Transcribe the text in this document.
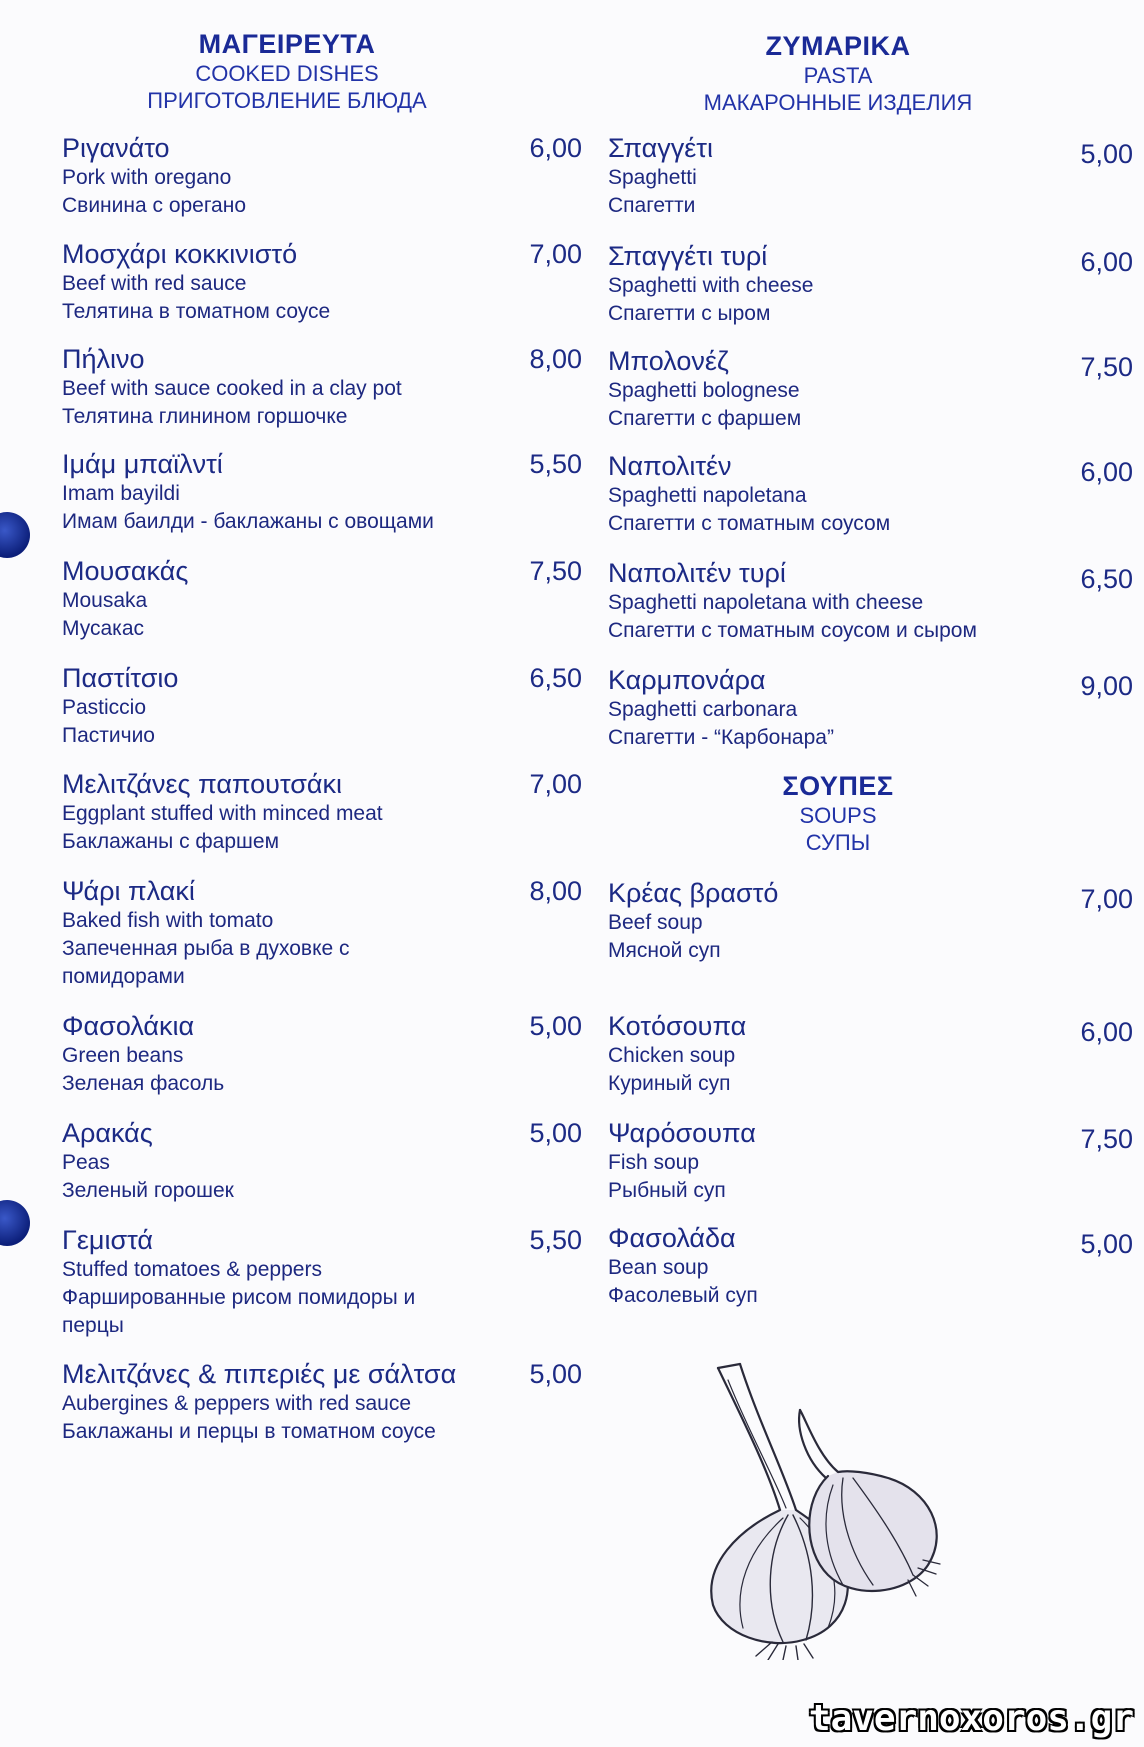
ΜΑΓΕΙΡΕΥΤΑ
COOKED DISHES
ПРИГОТОВЛЕНИЕ БЛЮДА
Ριγανάτο
Pork with oregano
Свинина с орегано
6,00
Μοσχάρι κοκκινιστό
Beef with red sauce
Телятина в томатном соусе
7,00
Πήλινο
Beef with sauce cooked in a clay pot
Телятина глинином горшочке
8,00
Ιμάμ μπαϊλντί
Imam bayildi
Имам баилди - баклажаны с овощами
5,50
Μουσακάς
Mousaka
Мусакас
7,50
Παστίτσιο
Pasticcio
Пастичио
6,50
Μελιτζάνες παπουτσάκι
Eggplant stuffed with minced meat
Баклажаны с фаршем
7,00
Ψάρι πλακί
Baked fish with tomato
Запеченная рыба в духовке с помидорами
8,00
Φασολάκια
Green beans
Зеленая фасоль
5,00
Αρακάς
Peas
Зеленый горошек
5,00
Γεμιστά
Stuffed tomatoes & peppers
Фаршированные рисом помидоры и перцы
5,50
Μελιτζάνες & πιπεριές με σάλτσα
Aubergines & peppers with red sauce
Баклажаны и перцы в томатном соусе
5,00
ΖΥΜΑΡΙΚΑ
PASTA
МАКАРОННЫЕ ИЗДЕЛИЯ
Σπαγγέτι
Spaghetti
Спагетти
5,00
Σπαγγέτι τυρί
Spaghetti with cheese
Спагетти с ыром
6,00
Μπολονέζ
Spaghetti bolognese
Спагетти с фаршем
7,50
Ναπολιτέν
Spaghetti napoletana
Спагетти с томатным соусом
6,00
Ναπολιτέν τυρί
Spaghetti napoletana with cheese
Спагетти с томатным соусом и сыром
6,50
Καρμπονάρα
Spaghetti carbonara
Спагетти - “Карбонара”
9,00
ΣΟΥΠΕΣ
SOUPS
СУПЫ
Κρέας βραστό
Beef soup
Мясной суп
7,00
Κοτόσουπα
Chicken soup
Куриный суп
6,00
Ψαρόσουπα
Fish soup
Рыбный суп
7,50
Φασολάδα
Bean soup
Фасолевый суп
5,00
tavernoxoros.gr
